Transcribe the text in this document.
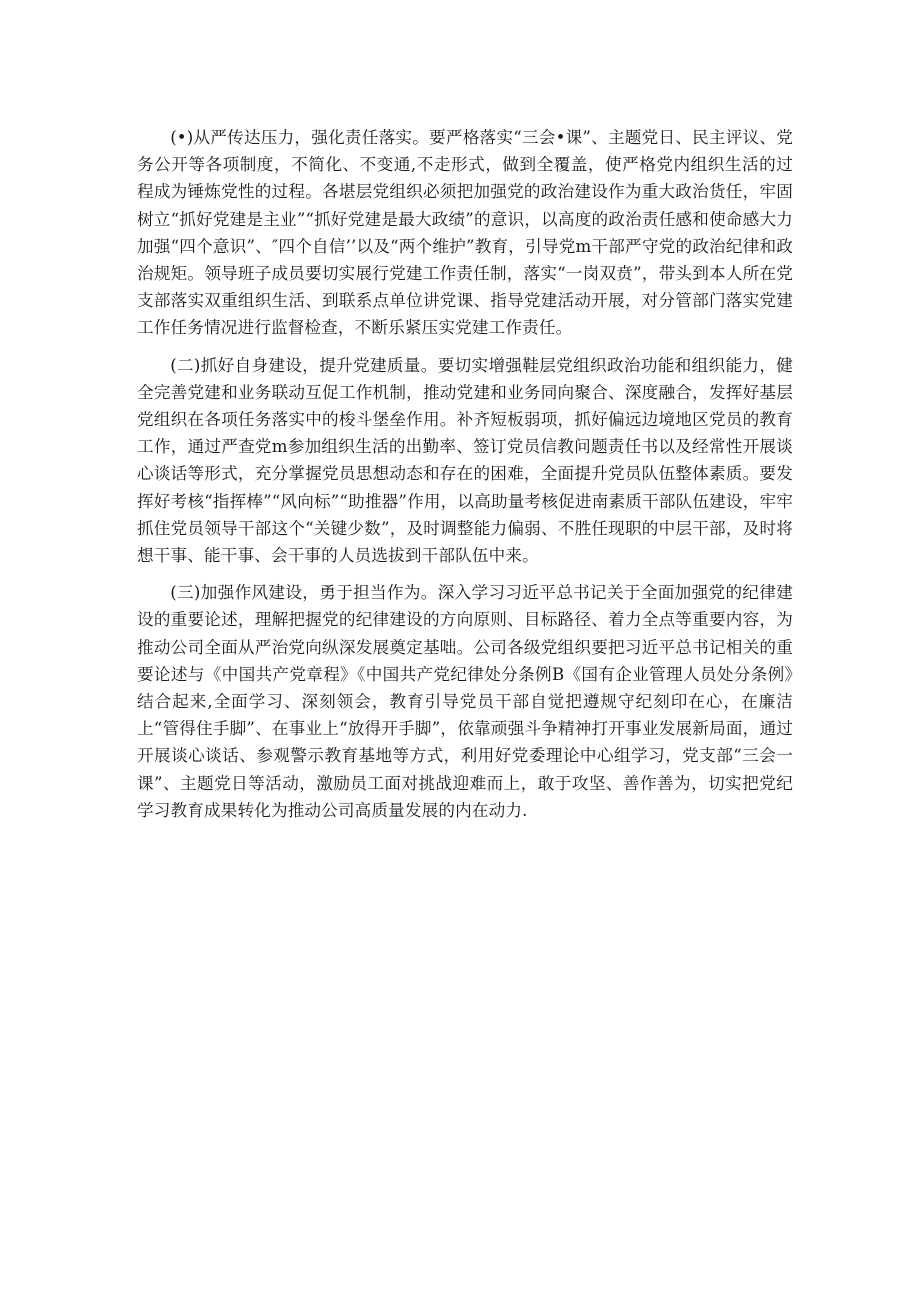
(•)从严传达压力，强化责任落实。要严格落实“三会•课”、主题党日、民主评议、党务公开等各项制度，不简化、不变通,不走形式，做到全覆盖，使严格党内组织生活的过程成为锤炼党性的过程。各堪层党组织必须把加强党的政治建设作为重大政治货任，牢固树立“抓好党建是主业”“抓好党建是最大政绩”的意识，以高度的政治责任感和使命感大力加强“四个意识”、″四个自信’’以及“两个维护”教育，引导党m干部严守党的政治纪律和政治规矩。领导班子成员要切实展行党建工作责任制，落实“一岗双贲”，带头到本人所在党支部落实双重组织生活、到联系点单位讲党课、指导党建活动开展，对分管部门落实党建工作任务情况进行监督检查，不断乐紧压实党建工作责任。

(二)抓好自身建设，提升党建质量。要切实增强鞋层党组织政治功能和组织能力，健全完善党建和业务联动互促工作机制，推动党建和业务同向聚合、深度融合，发挥好基层党组织在各项任务落实中的梭斗堡垒作用。补齐短板弱项，抓好偏远边境地区党员的教育工作，通过严查党m参加组织生活的出勤率、签订党员信教问题责任书以及经常性开展谈心谈话等形式，充分掌握党员思想动态和存在的困难，全面提升党员队伍整体素质。要发挥好考核“指挥棒”“风向标”“助推器”作用，以高助量考核促进南素质干部队伍建设，牢牢抓住党员领导干部这个“关键少数”，及时调整能力偏弱、不胜任现职的中层干部，及时将想干事、能干事、会干事的人员选拔到干部队伍中来。

(三)加强作风建设，勇于担当作为。深入学习习近平总书记关于全面加强党的纪律建设的重要论述，理解把握党的纪律建设的方向原则、目标路径、着力全点等重要内容，为推动公司全面从严治党向纵深发展奠定基咄。公司各级党组织要把习近平总书记相关的重要论述与《中国共产党章程》《中国共产党纪律处分条例B《国有企业管理人员处分条例》结合起来,全面学习、深刻领会，教育引导党员干部自觉把遵规守纪刻印在心，在廉洁上“管得住手脚”、在事业上“放得开手脚”，依靠顽强斗争精神打开事业发展新局面，通过开展谈心谈话、参观警示教育基地等方式，利用好党委理论中心组学习，党支部“三会一课”、主题党日等活动，激励员工面对挑战迎难而上，敢于攻坚、善作善为，切实把党纪学习教育成果转化为推动公司高质量发展的内在动力.
